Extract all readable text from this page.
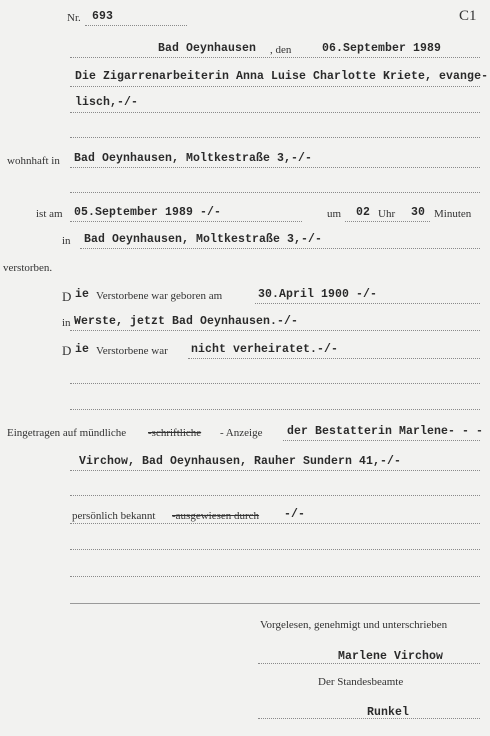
Nr. 693	C1
Bad Oeynhausen , den	06.September 1989
Die Zigarrenarbeiterin Anna Luise Charlotte Kriete, evange-
lisch,-/-
wohnhaft in Bad Oeynhausen, Moltkestraße 3,-/-
ist am 05.September 1989 -/-	um 02 Uhr 30 Minuten
in Bad Oeynhausen, Moltkestraße 3,-/-
verstorben.
D ie Verstorbene war geboren am	30.April 1900 -/-
in Werste, jetzt Bad Oeynhausen.-/-
D ie Verstorbene war nicht verheiratet.-/-
Eingetragen auf mündliche -schriftliche - Anzeige der Bestatterin Marlene- - -
Virchow, Bad Oeynhausen, Rauher Sundern 41,-/-
persönlich bekannt -ausgewiesen durch -/-
Vorgelesen, genehmigt und unterschrieben
Marlene Virchow
Der Standesbeamte
Runkel
